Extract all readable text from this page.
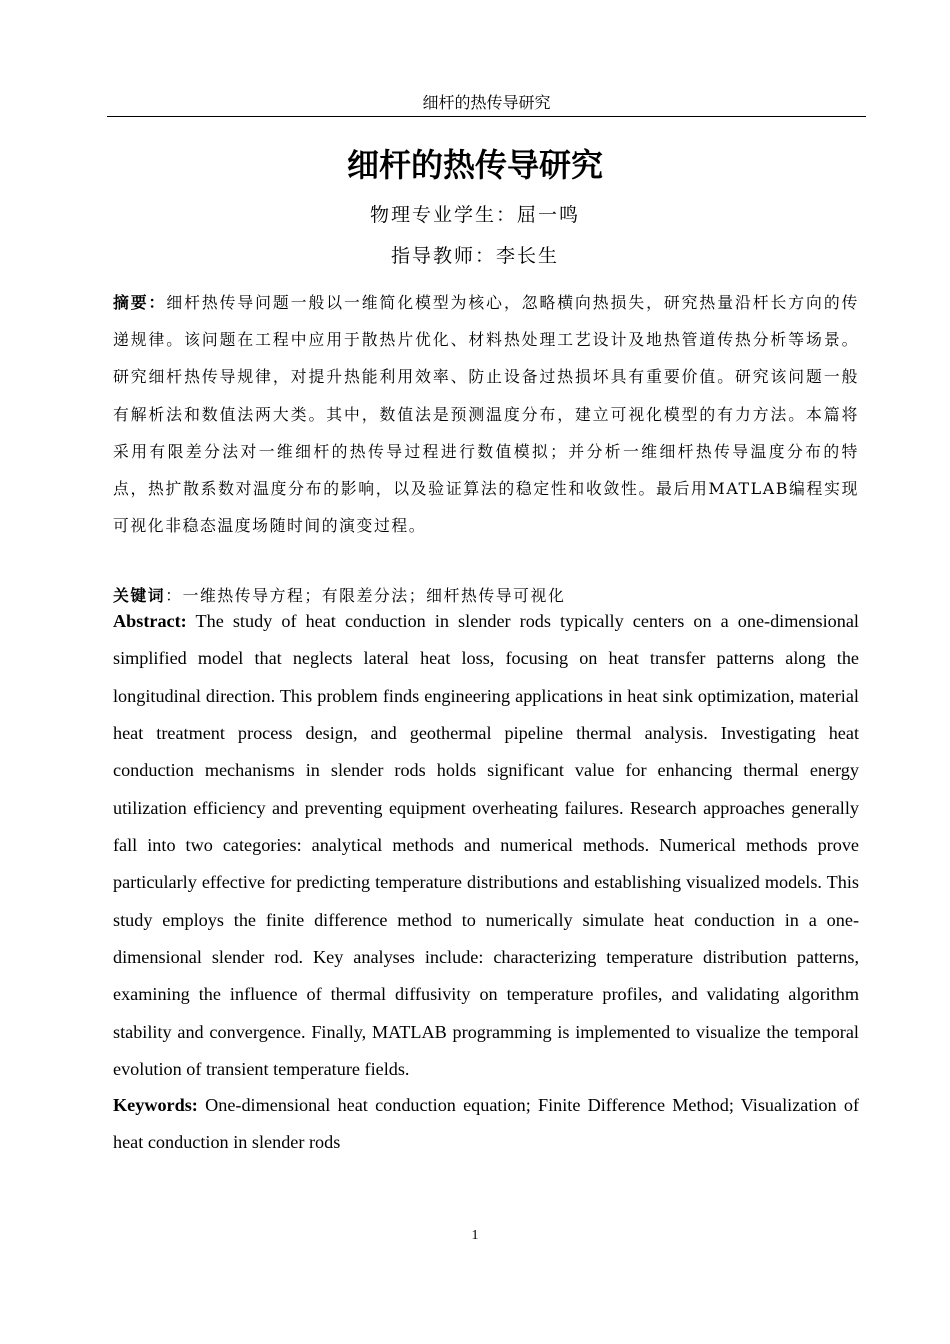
细杆的热传导研究
细杆的热传导研究
物理专业学生：屈一鸣
指导教师：李长生
摘要：细杆热传导问题一般以一维简化模型为核心，忽略横向热损失，研究热量沿杆长方向的传递规律。该问题在工程中应用于散热片优化、材料热处理工艺设计及地热管道传热分析等场景。研究细杆热传导规律，对提升热能利用效率、防止设备过热损坏具有重要价值。研究该问题一般有解析法和数值法两大类。其中，数值法是预测温度分布，建立可视化模型的有力方法。本篇将采用有限差分法对一维细杆的热传导过程进行数值模拟；并分析一维细杆热传导温度分布的特点，热扩散系数对温度分布的影响，以及验证算法的稳定性和收敛性。最后用MATLAB编程实现可视化非稳态温度场随时间的演变过程。
关键词：一维热传导方程；有限差分法；细杆热传导可视化
Abstract: The study of heat conduction in slender rods typically centers on a one-dimensional simplified model that neglects lateral heat loss, focusing on heat transfer patterns along the longitudinal direction. This problem finds engineering applications in heat sink optimization, material heat treatment process design, and geothermal pipeline thermal analysis. Investigating heat conduction mechanisms in slender rods holds significant value for enhancing thermal energy utilization efficiency and preventing equipment overheating failures. Research approaches generally fall into two categories: analytical methods and numerical methods. Numerical methods prove particularly effective for predicting temperature distributions and establishing visualized models. This study employs the finite difference method to numerically simulate heat conduction in a one-dimensional slender rod. Key analyses include: characterizing temperature distribution patterns, examining the influence of thermal diffusivity on temperature profiles, and validating algorithm stability and convergence. Finally, MATLAB programming is implemented to visualize the temporal evolution of transient temperature fields.
Keywords: One-dimensional heat conduction equation; Finite Difference Method; Visualization of heat conduction in slender rods
1
